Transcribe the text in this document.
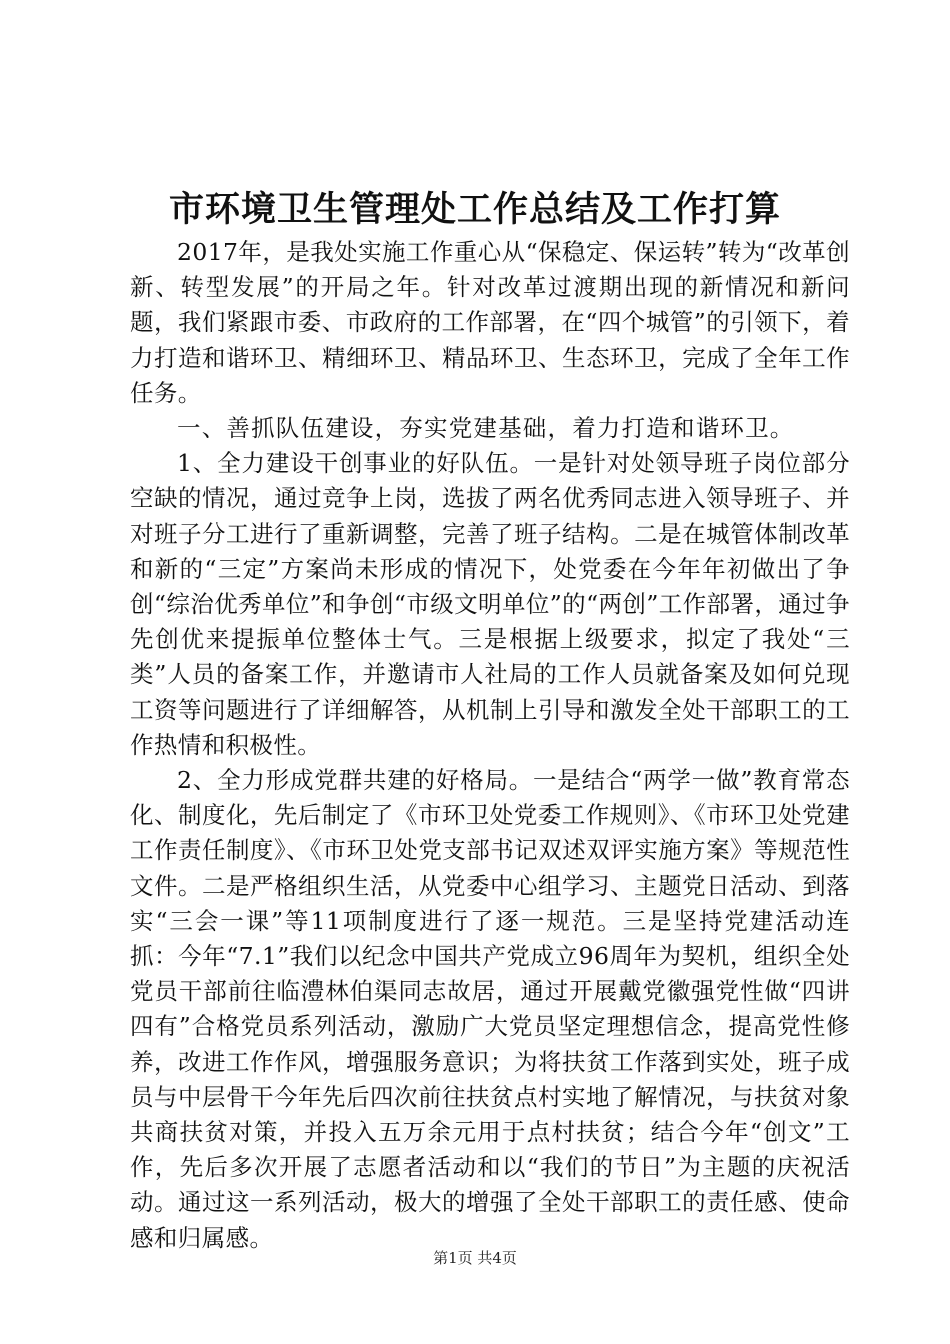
市环境卫生管理处工作总结及工作打算

2017年，是我处实施工作重心从“保稳定、保运转”转为“改革创新、转型发展”的开局之年。针对改革过渡期出现的新情况和新问题，我们紧跟市委、市政府的工作部署，在“四个城管”的引领下，着力打造和谐环卫、精细环卫、精品环卫、生态环卫，完成了全年工作任务。

一、善抓队伍建设，夯实党建基础，着力打造和谐环卫。

1、全力建设干创事业的好队伍。一是针对处领导班子岗位部分空缺的情况，通过竞争上岗，选拔了两名优秀同志进入领导班子、并对班子分工进行了重新调整，完善了班子结构。二是在城管体制改革和新的“三定”方案尚未形成的情况下，处党委在今年年初做出了争创“综治优秀单位”和争创“市级文明单位”的“两创”工作部署，通过争先创优来提振单位整体士气。三是根据上级要求，拟定了我处“三类”人员的备案工作，并邀请市人社局的工作人员就备案及如何兑现工资等问题进行了详细解答，从机制上引导和激发全处干部职工的工作热情和积极性。

2、全力形成党群共建的好格局。一是结合“两学一做”教育常态化、制度化，先后制定了《市环卫处党委工作规则》、《市环卫处党建工作责任制度》、《市环卫处党支部书记双述双评实施方案》等规范性文件。二是严格组织生活，从党委中心组学习、主题党日活动、到落实“三会一课”等11项制度进行了逐一规范。三是坚持党建活动连抓：今年“7.1”我们以纪念中国共产党成立96周年为契机，组织全处党员干部前往临澧林伯渠同志故居，通过开展戴党徽强党性做“四讲四有”合格党员系列活动，激励广大党员坚定理想信念，提高党性修养，改进工作作风，增强服务意识；为将扶贫工作落到实处，班子成员与中层骨干今年先后四次前往扶贫点村实地了解情况，与扶贫对象共商扶贫对策，并投入五万余元用于点村扶贫；结合今年“创文”工作，先后多次开展了志愿者活动和以“我们的节日”为主题的庆祝活动。通过这一系列活动，极大的增强了全处干部职工的责任感、使命感和归属感。

第1页 共4页
